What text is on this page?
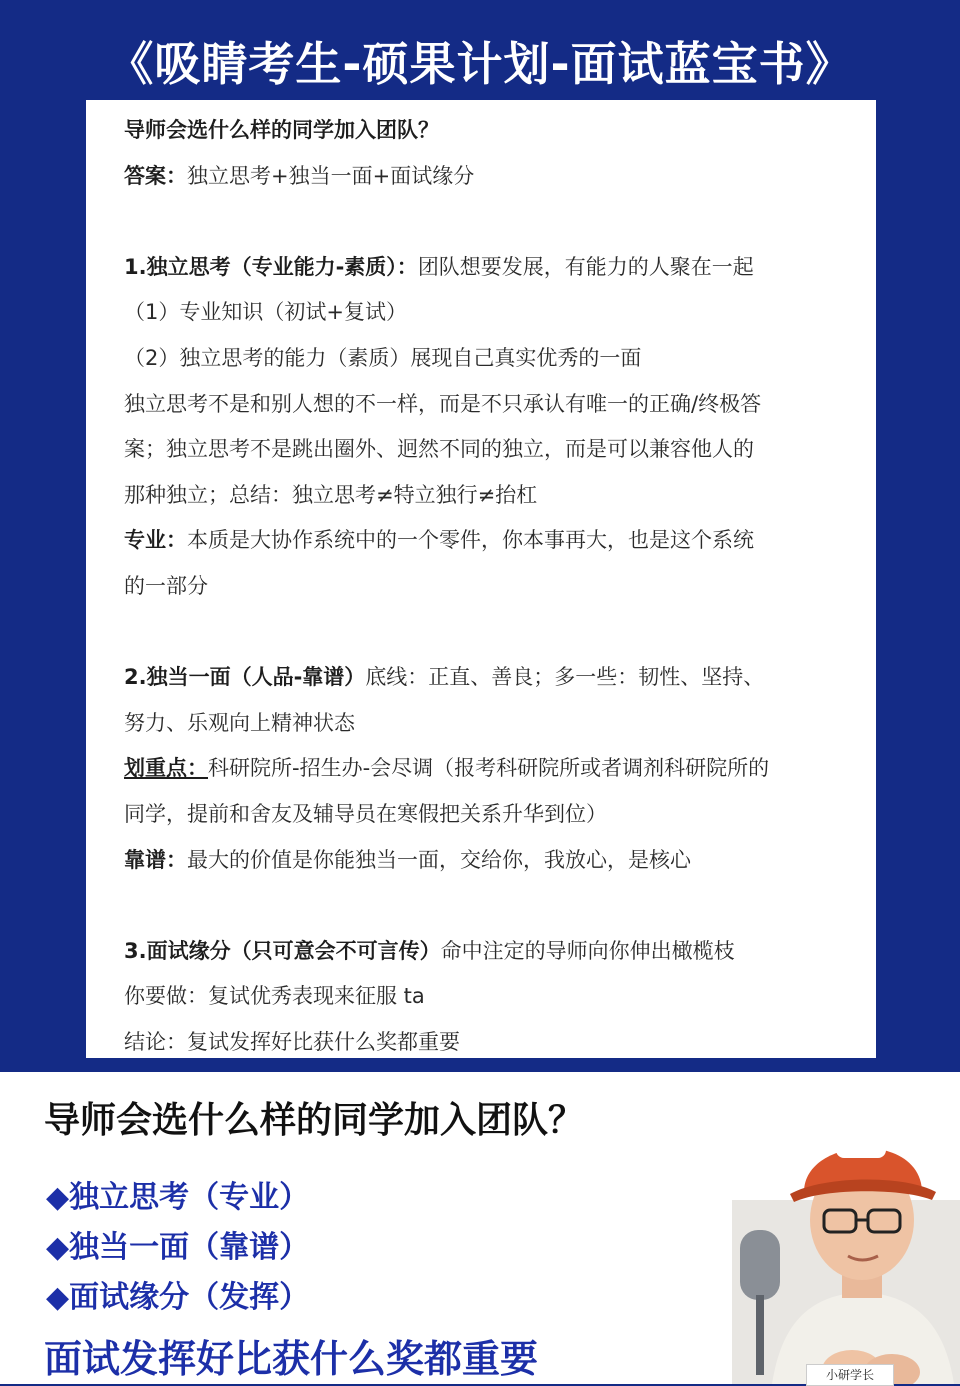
《吸睛考生-硕果计划-面试蓝宝书》
导师会选什么样的同学加入团队？
答案：独立思考+独当一面+面试缘分
1.独立思考（专业能力-素质）：团队想要发展，有能力的人聚在一起
（1）专业知识（初试+复试）
（2）独立思考的能力（素质）展现自己真实优秀的一面
独立思考不是和别人想的不一样，而是不只承认有唯一的正确/终极答
案；独立思考不是跳出圈外、迥然不同的独立，而是可以兼容他人的
那种独立；总结：独立思考≠特立独行≠抬杠
专业：本质是大协作系统中的一个零件，你本事再大，也是这个系统
的一部分
2.独当一面（人品-靠谱）底线：正直、善良；多一些：韧性、坚持、
努力、乐观向上精神状态
划重点：科研院所-招生办-会尽调（报考科研院所或者调剂科研院所的
同学，提前和舍友及辅导员在寒假把关系升华到位）
靠谱：最大的价值是你能独当一面，交给你，我放心，是核心
3.面试缘分（只可意会不可言传）命中注定的导师向你伸出橄榄枝
你要做：复试优秀表现来征服 ta
结论：复试发挥好比获什么奖都重要
导师会选什么样的同学加入团队？
◆独立思考（专业）
◆独当一面（靠谱）
◆面试缘分（发挥）
面试发挥好比获什么奖都重要	小研学长
